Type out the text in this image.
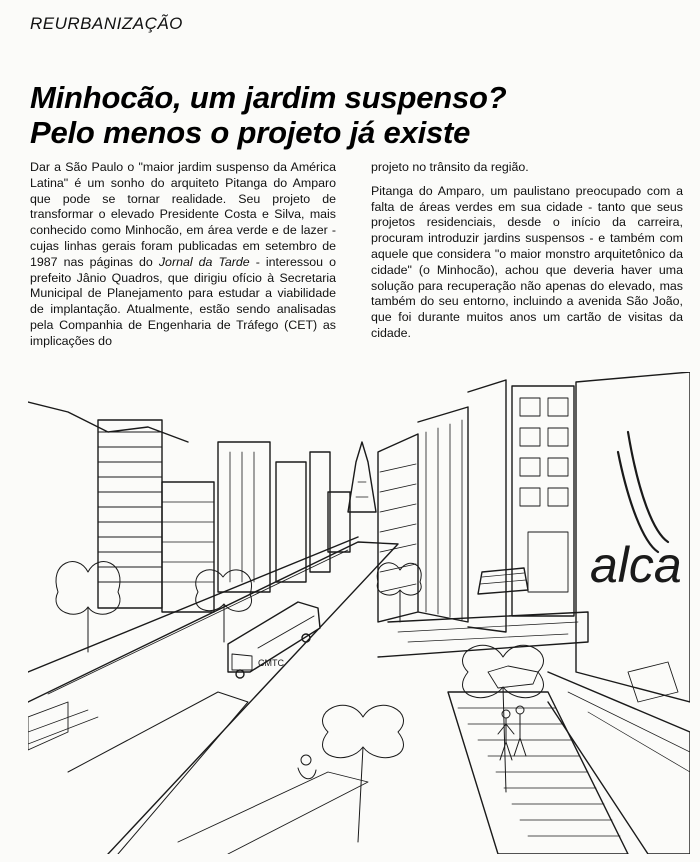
REURBANIZAÇÃO
Minhocão, um jardim suspenso?
Pelo menos o projeto já existe

Dar a São Paulo o "maior jardim suspenso da América Latina" é um sonho do arquiteto Pitanga do Amparo que pode se tornar realidade. Seu projeto de transformar o elevado Presidente Costa e Silva, mais conhecido como Minhocão, em área verde e de lazer - cujas linhas gerais foram publicadas em setembro de 1987 nas páginas do Jornal da Tarde - interessou o prefeito Jânio Quadros, que dirigiu ofício à Secretaria Municipal de Planejamento para estudar a viabilidade de implantação. Atualmente, estão sendo analisadas pela Companhia de Engenharia de Tráfego (CET) as implicações do

projeto no trânsito da região.

Pitanga do Amparo, um paulistano preocupado com a falta de áreas verdes em sua cidade - tanto que seus projetos residenciais, desde o início da carreira, procuram introduzir jardins suspensos - e também com aquele que considera "o maior monstro arquitetônico da cidade" (o Minhocão), achou que deveria haver uma solução para recuperação não apenas do elevado, mas também do seu entorno, incluindo a avenida São João, que foi durante muitos anos um cartão de visitas da cidade.

alca
CMTC
